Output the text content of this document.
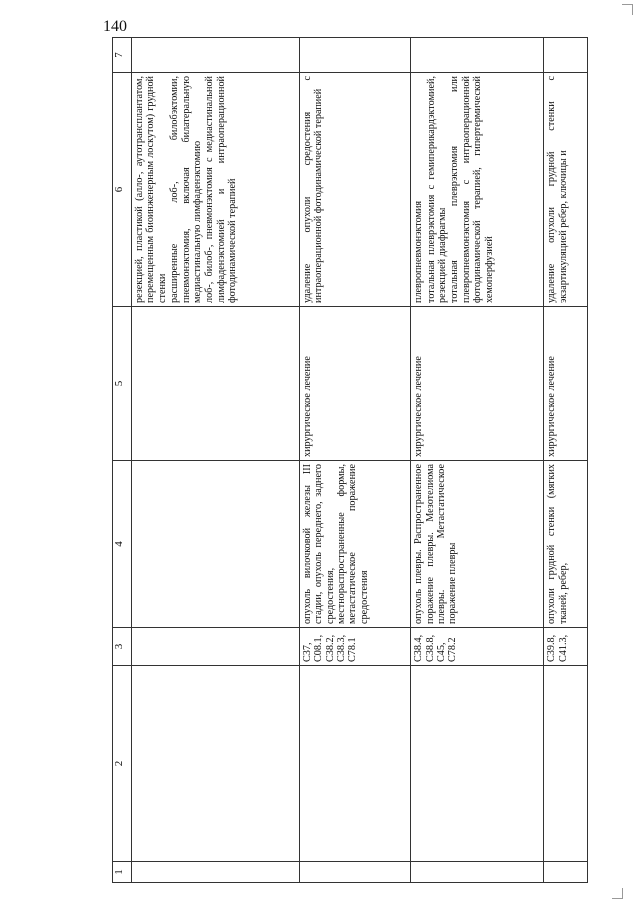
140
1	2	3	4	5	6	7

					резекцией, пластикой (алло-, аутотрансплантатом, перемещенным биоинженерным лоскутом) грудной стенки расширенные лоб-, билобэктомии, пневмонэктомия, включая билатеральную медиастинальную лимфаденэктомию лоб-, билоб-, пневмонэктомия с медиастинальной лимфаденэктомией и интраоперационной фотодинамической терапией	

		C37, C08.1, C38.2, C38.3, C78.1	опухоль вилочковой железы III стадии, опухоль переднего, заднего средостения, местнораспространенные формы, метастатическое поражение средостения	хирургическое лечение	удаление опухоли средостения с интраоперационной фотодинамической терапией	

		C38.4, C38.8, C45, C78.2	опухоль плевры. Распространенное поражение плевры. Мезотелиома плевры. Метастатическое поражение плевры	хирургическое лечение	плевропневмонэктомия тотальная плеврэктомия с гемиперикардэктомией, резекцией диафрагмы тотальная плеврэктомия или плевропневмонэктомия с интраоперационной фотодинамической терапией, гипертермической хемоперфузией	

		C39.8, C41.3,	опухоли грудной стенки (мягких тканей, ребер,	хирургическое лечение	удаление опухоли грудной стенки с экзартикуляцией ребер, ключицы и	
